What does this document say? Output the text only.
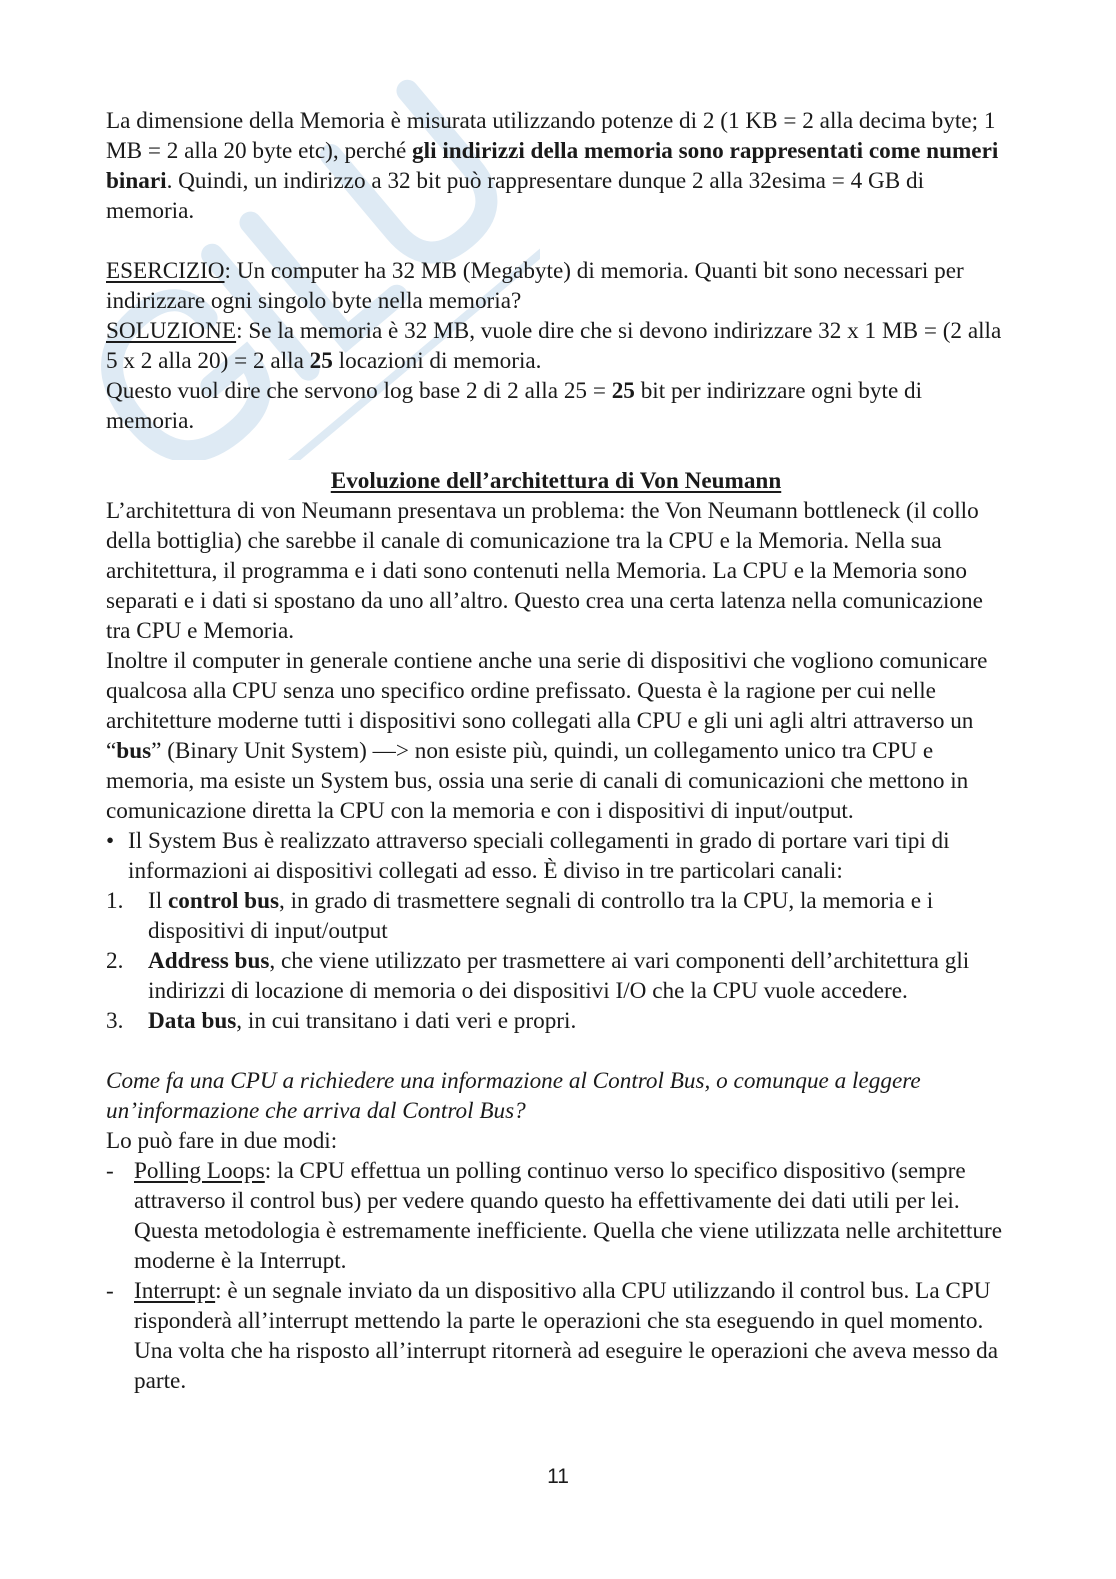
La dimensione della Memoria è misurata utilizzando potenze di 2 (1 KB = 2 alla decima byte; 1 MB = 2 alla 20 byte etc), perché gli indirizzi della memoria sono rappresentati come numeri binari. Quindi, un indirizzo a 32 bit può rappresentare dunque 2 alla 32esima = 4 GB di memoria.

ESERCIZIO: Un computer ha 32 MB (Megabyte) di memoria. Quanti bit sono necessari per indirizzare ogni singolo byte nella memoria?

SOLUZIONE: Se la memoria è 32 MB, vuole dire che si devono indirizzare 32 x 1 MB = (2 alla 5 x 2 alla 20) = 2 alla 25 locazioni di memoria.

Questo vuol dire che servono log base 2 di 2 alla 25 = 25 bit per indirizzare ogni byte di memoria.

Evoluzione dell’architettura di Von Neumann

L’architettura di von Neumann presentava un problema: the Von Neumann bottleneck (il collo della bottiglia) che sarebbe il canale di comunicazione tra la CPU e la Memoria. Nella sua architettura, il programma e i dati sono contenuti nella Memoria. La CPU e la Memoria sono separati e i dati si spostano da uno all’altro. Questo crea una certa latenza nella comunicazione tra CPU e Memoria.

Inoltre il computer in generale contiene anche una serie di dispositivi che vogliono comunicare qualcosa alla CPU senza uno specifico ordine prefissato. Questa è la ragione per cui nelle architetture moderne tutti i dispositivi sono collegati alla CPU e gli uni agli altri attraverso un “bus” (Binary Unit System) —> non esiste più, quindi, un collegamento unico tra CPU e memoria, ma esiste un System bus, ossia una serie di canali di comunicazioni che mettono in comunicazione diretta la CPU con la memoria e con i dispositivi di input/output.

• Il System Bus è realizzato attraverso speciali collegamenti in grado di portare vari tipi di informazioni ai dispositivi collegati ad esso. È diviso in tre particolari canali:

1. Il control bus, in grado di trasmettere segnali di controllo tra la CPU, la memoria e i dispositivi di input/output

2. Address bus, che viene utilizzato per trasmettere ai vari componenti dell’architettura gli indirizzi di locazione di memoria o dei dispositivi I/O che la CPU vuole accedere.

3. Data bus, in cui transitano i dati veri e propri.

Come fa una CPU a richiedere una informazione al Control Bus, o comunque a leggere un’informazione che arriva dal Control Bus?

Lo può fare in due modi:

- Polling Loops: la CPU effettua un polling continuo verso lo specifico dispositivo (sempre attraverso il control bus) per vedere quando questo ha effettivamente dei dati utili per lei. Questa metodologia è estremamente inefficiente. Quella che viene utilizzata nelle architetture moderne è la Interrupt.

- Interrupt: è un segnale inviato da un dispositivo alla CPU utilizzando il control bus. La CPU risponderà all’interrupt mettendo la parte le operazioni che sta eseguendo in quel momento. Una volta che ha risposto all’interrupt ritornerà ad eseguire le operazioni che aveva messo da parte.

11
